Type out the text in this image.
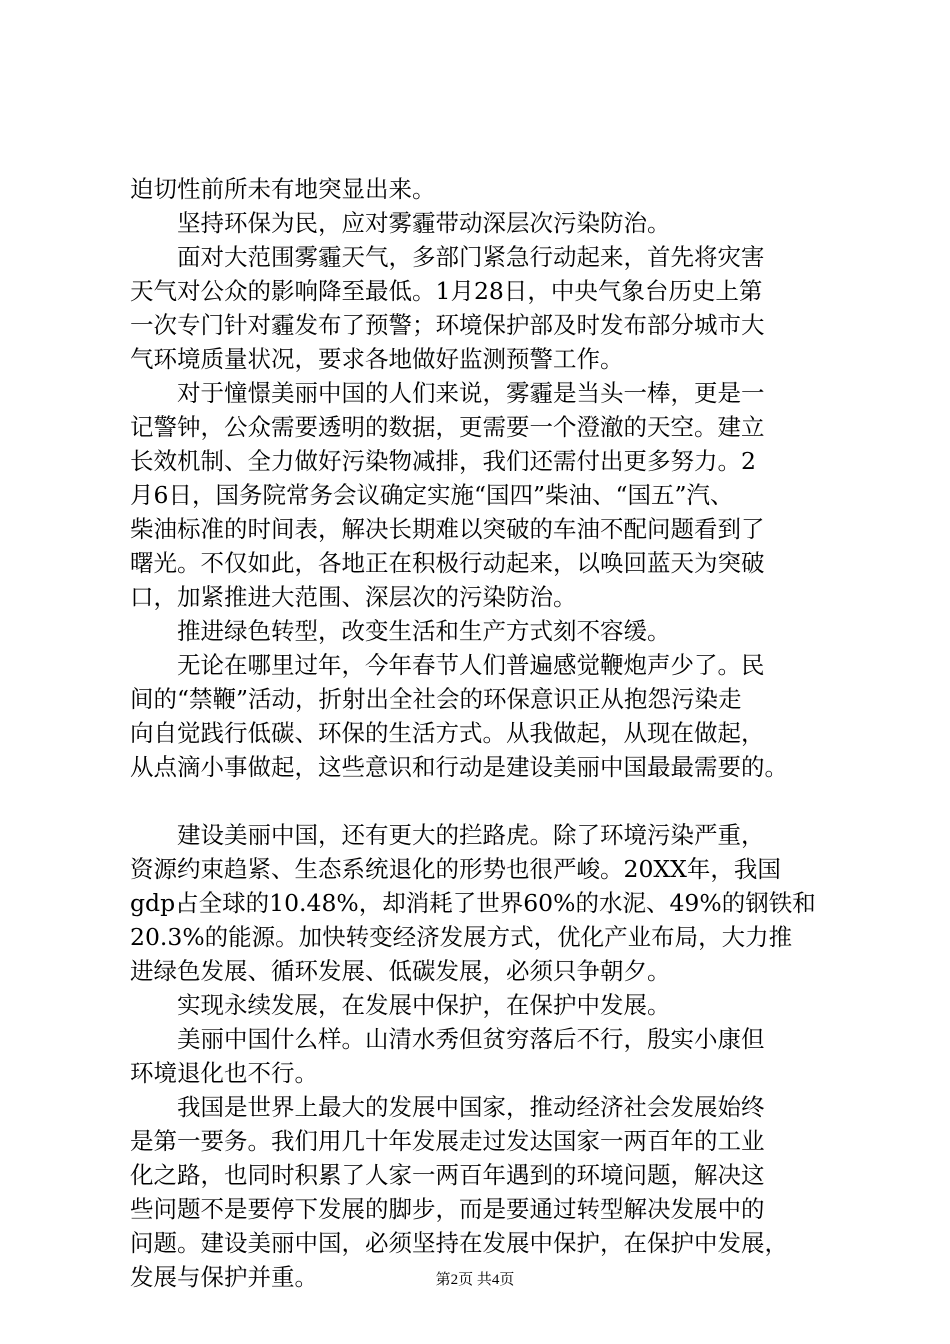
迫切性前所未有地突显出来。
　　坚持环保为民，应对雾霾带动深层次污染防治。
　　面对大范围雾霾天气，多部门紧急行动起来，首先将灾害
天气对公众的影响降至最低。1月28日，中央气象台历史上第
一次专门针对霾发布了预警；环境保护部及时发布部分城市大
气环境质量状况，要求各地做好监测预警工作。
　　对于憧憬美丽中国的人们来说，雾霾是当头一棒，更是一
记警钟，公众需要透明的数据，更需要一个澄澈的天空。建立
长效机制、全力做好污染物减排，我们还需付出更多努力。2
月6日，国务院常务会议确定实施“国四”柴油、“国五”汽、
柴油标准的时间表，解决长期难以突破的车油不配问题看到了
曙光。不仅如此，各地正在积极行动起来，以唤回蓝天为突破
口，加紧推进大范围、深层次的污染防治。
　　推进绿色转型，改变生活和生产方式刻不容缓。
　　无论在哪里过年，今年春节人们普遍感觉鞭炮声少了。民
间的“禁鞭”活动，折射出全社会的环保意识正从抱怨污染走
向自觉践行低碳、环保的生活方式。从我做起，从现在做起，
从点滴小事做起，这些意识和行动是建设美丽中国最最需要的。
　　建设美丽中国，还有更大的拦路虎。除了环境污染严重，
资源约束趋紧、生态系统退化的形势也很严峻。20XX年，我国
gdp占全球的10.48%，却消耗了世界60%的水泥、49%的钢铁和
20.3%的能源。加快转变经济发展方式，优化产业布局，大力推
进绿色发展、循环发展、低碳发展，必须只争朝夕。
　　实现永续发展，在发展中保护，在保护中发展。
　　美丽中国什么样。山清水秀但贫穷落后不行，殷实小康但
环境退化也不行。
　　我国是世界上最大的发展中国家，推动经济社会发展始终
是第一要务。我们用几十年发展走过发达国家一两百年的工业
化之路，也同时积累了人家一两百年遇到的环境问题，解决这
些问题不是要停下发展的脚步，而是要通过转型解决发展中的
问题。建设美丽中国，必须坚持在发展中保护，在保护中发展，
发展与保护并重。	第2页 共4页
